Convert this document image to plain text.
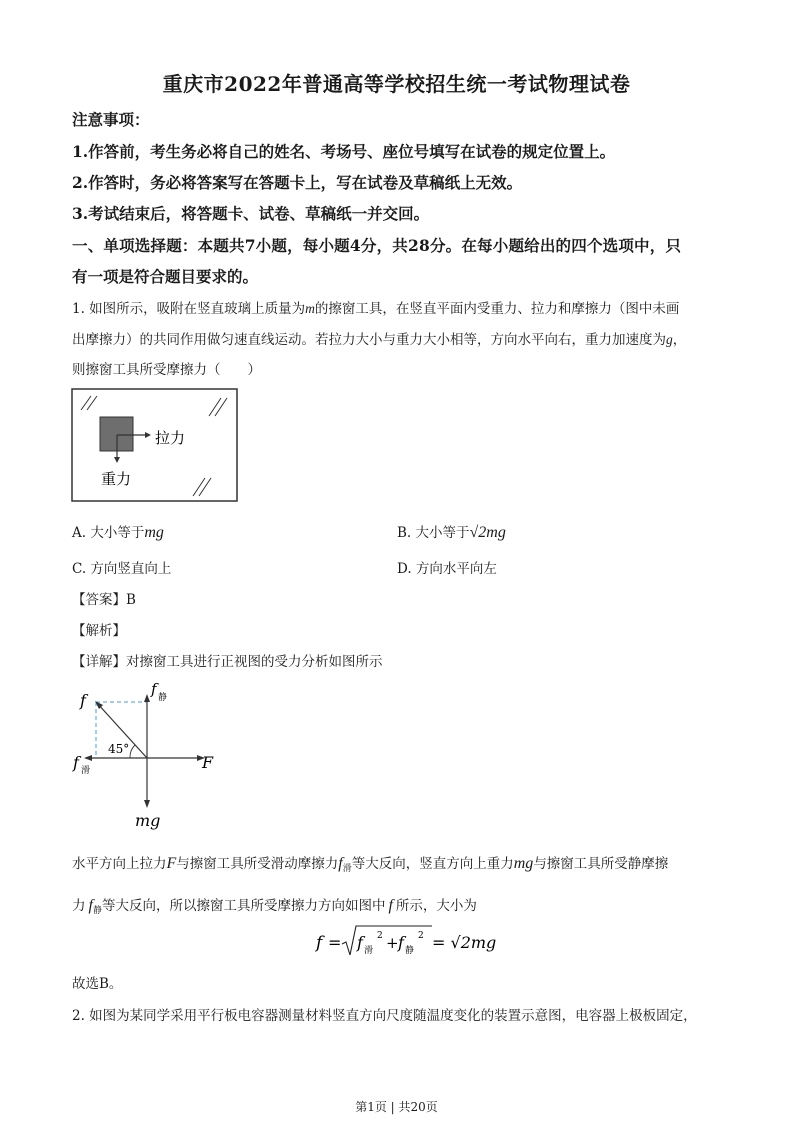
重庆市2022年普通高等学校招生统一考试物理试卷
注意事项：
1.作答前，考生务必将自己的姓名、考场号、座位号填写在试卷的规定位置上。
2.作答时，务必将答案写在答题卡上，写在试卷及草稿纸上无效。
3.考试结束后，将答题卡、试卷、草稿纸一并交回。
一、单项选择题：本题共7小题，每小题4分，共28分。在每小题给出的四个选项中，只
有一项是符合题目要求的。
1. 如图所示，吸附在竖直玻璃上质量为m的擦窗工具，在竖直平面内受重力、拉力和摩擦力（图中未画
出摩擦力）的共同作用做匀速直线运动。若拉力大小与重力大小相等，方向水平向右，重力加速度为g，
则擦窗工具所受摩擦力（　　）
拉力
重力
A. 大小等于mg	B. 大小等于√2mg
C. 方向竖直向上	D. 方向水平向左
【答案】B
【解析】
【详解】对擦窗工具进行正视图的受力分析如图所示
45°
f
f 静
f 滑	F
mg
水平方向上拉力F与擦窗工具所受滑动摩擦力$f_滑$等大反向，竖直方向上重力mg与擦窗工具所受静摩擦
力 $f_静$等大反向，所以擦窗工具所受摩擦力方向如图中 f 所示，大小为
f = f 滑
2 + f 静
2 = √2mg
故选B。
2. 如图为某同学采用平行板电容器测量材料竖直方向尺度随温度变化的装置示意图，电容器上极板固定，
第1页 | 共20页
